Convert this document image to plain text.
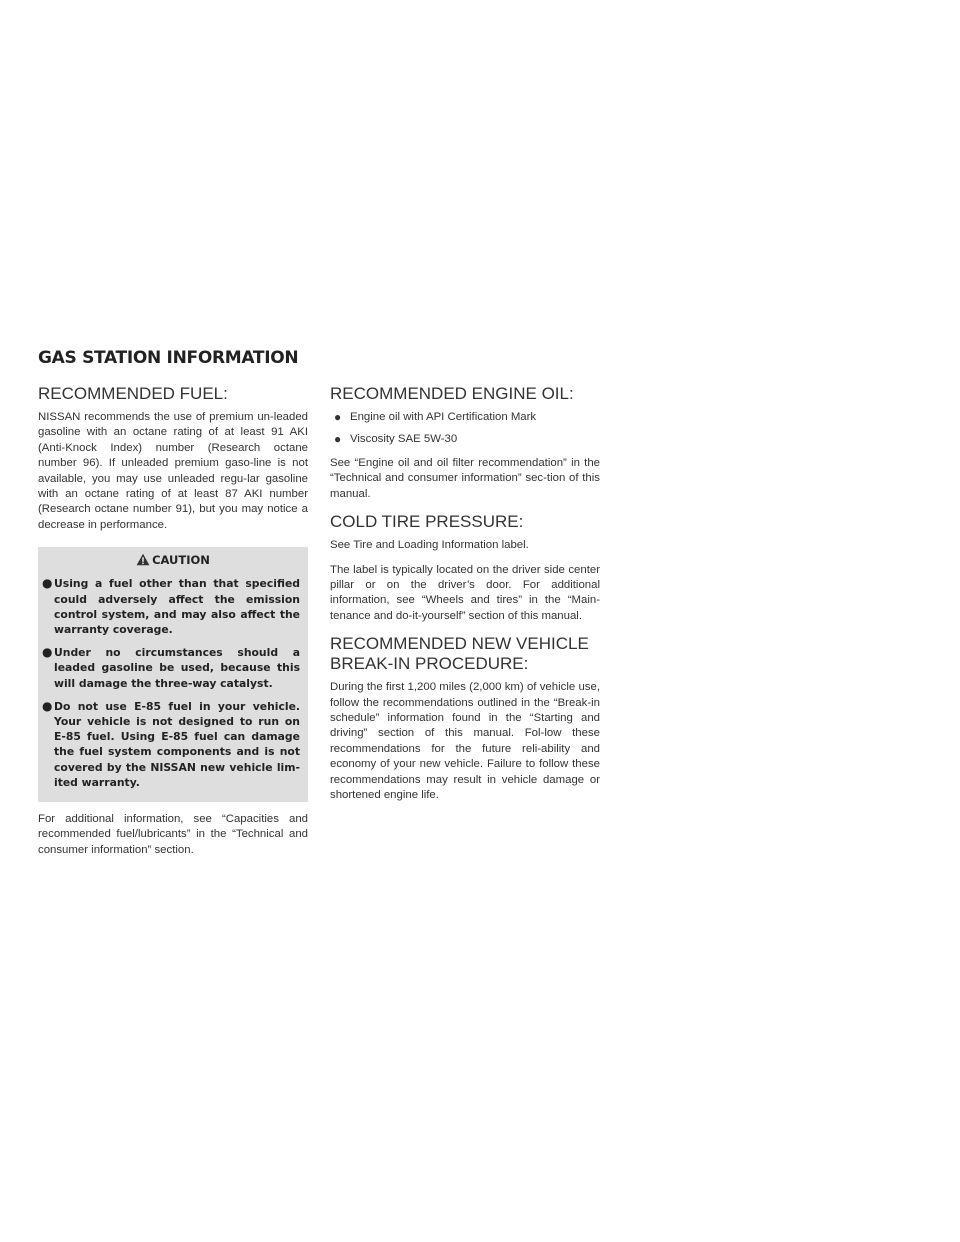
GAS STATION INFORMATION
RECOMMENDED FUEL:

NISSAN recommends the use of premium un-leaded gasoline with an octane rating of at least 91 AKI (Anti-Knock Index) number (Research octane number 96). If unleaded premium gaso-line is not available, you may use unleaded regu-lar gasoline with an octane rating of at least 87 AKI number (Research octane number 91), but you may notice a decrease in performance.

CAUTION
● Using a fuel other than that specified could adversely affect the emission control system, and may also affect the warranty coverage.
● Under no circumstances should a leaded gasoline be used, because this will damage the three-way catalyst.
● Do not use E-85 fuel in your vehicle. Your vehicle is not designed to run on E-85 fuel. Using E-85 fuel can damage the fuel system components and is not covered by the NISSAN new vehicle lim-ited warranty.

For additional information, see “Capacities and recommended fuel/lubricants” in the “Technical and consumer information” section.

RECOMMENDED ENGINE OIL:
● Engine oil with API Certification Mark
● Viscosity SAE 5W-30

See “Engine oil and oil filter recommendation” in the “Technical and consumer information” sec-tion of this manual.

COLD TIRE PRESSURE:

See Tire and Loading Information label.

The label is typically located on the driver side center pillar or on the driver’s door. For additional information, see “Wheels and tires” in the “Main-tenance and do-it-yourself” section of this manual.

RECOMMENDED NEW VEHICLE BREAK-IN PROCEDURE:

During the first 1,200 miles (2,000 km) of vehicle use, follow the recommendations outlined in the “Break-in schedule” information found in the “Starting and driving” section of this manual. Fol-low these recommendations for the future reli-ability and economy of your new vehicle. Failure to follow these recommendations may result in vehicle damage or shortened engine life.
